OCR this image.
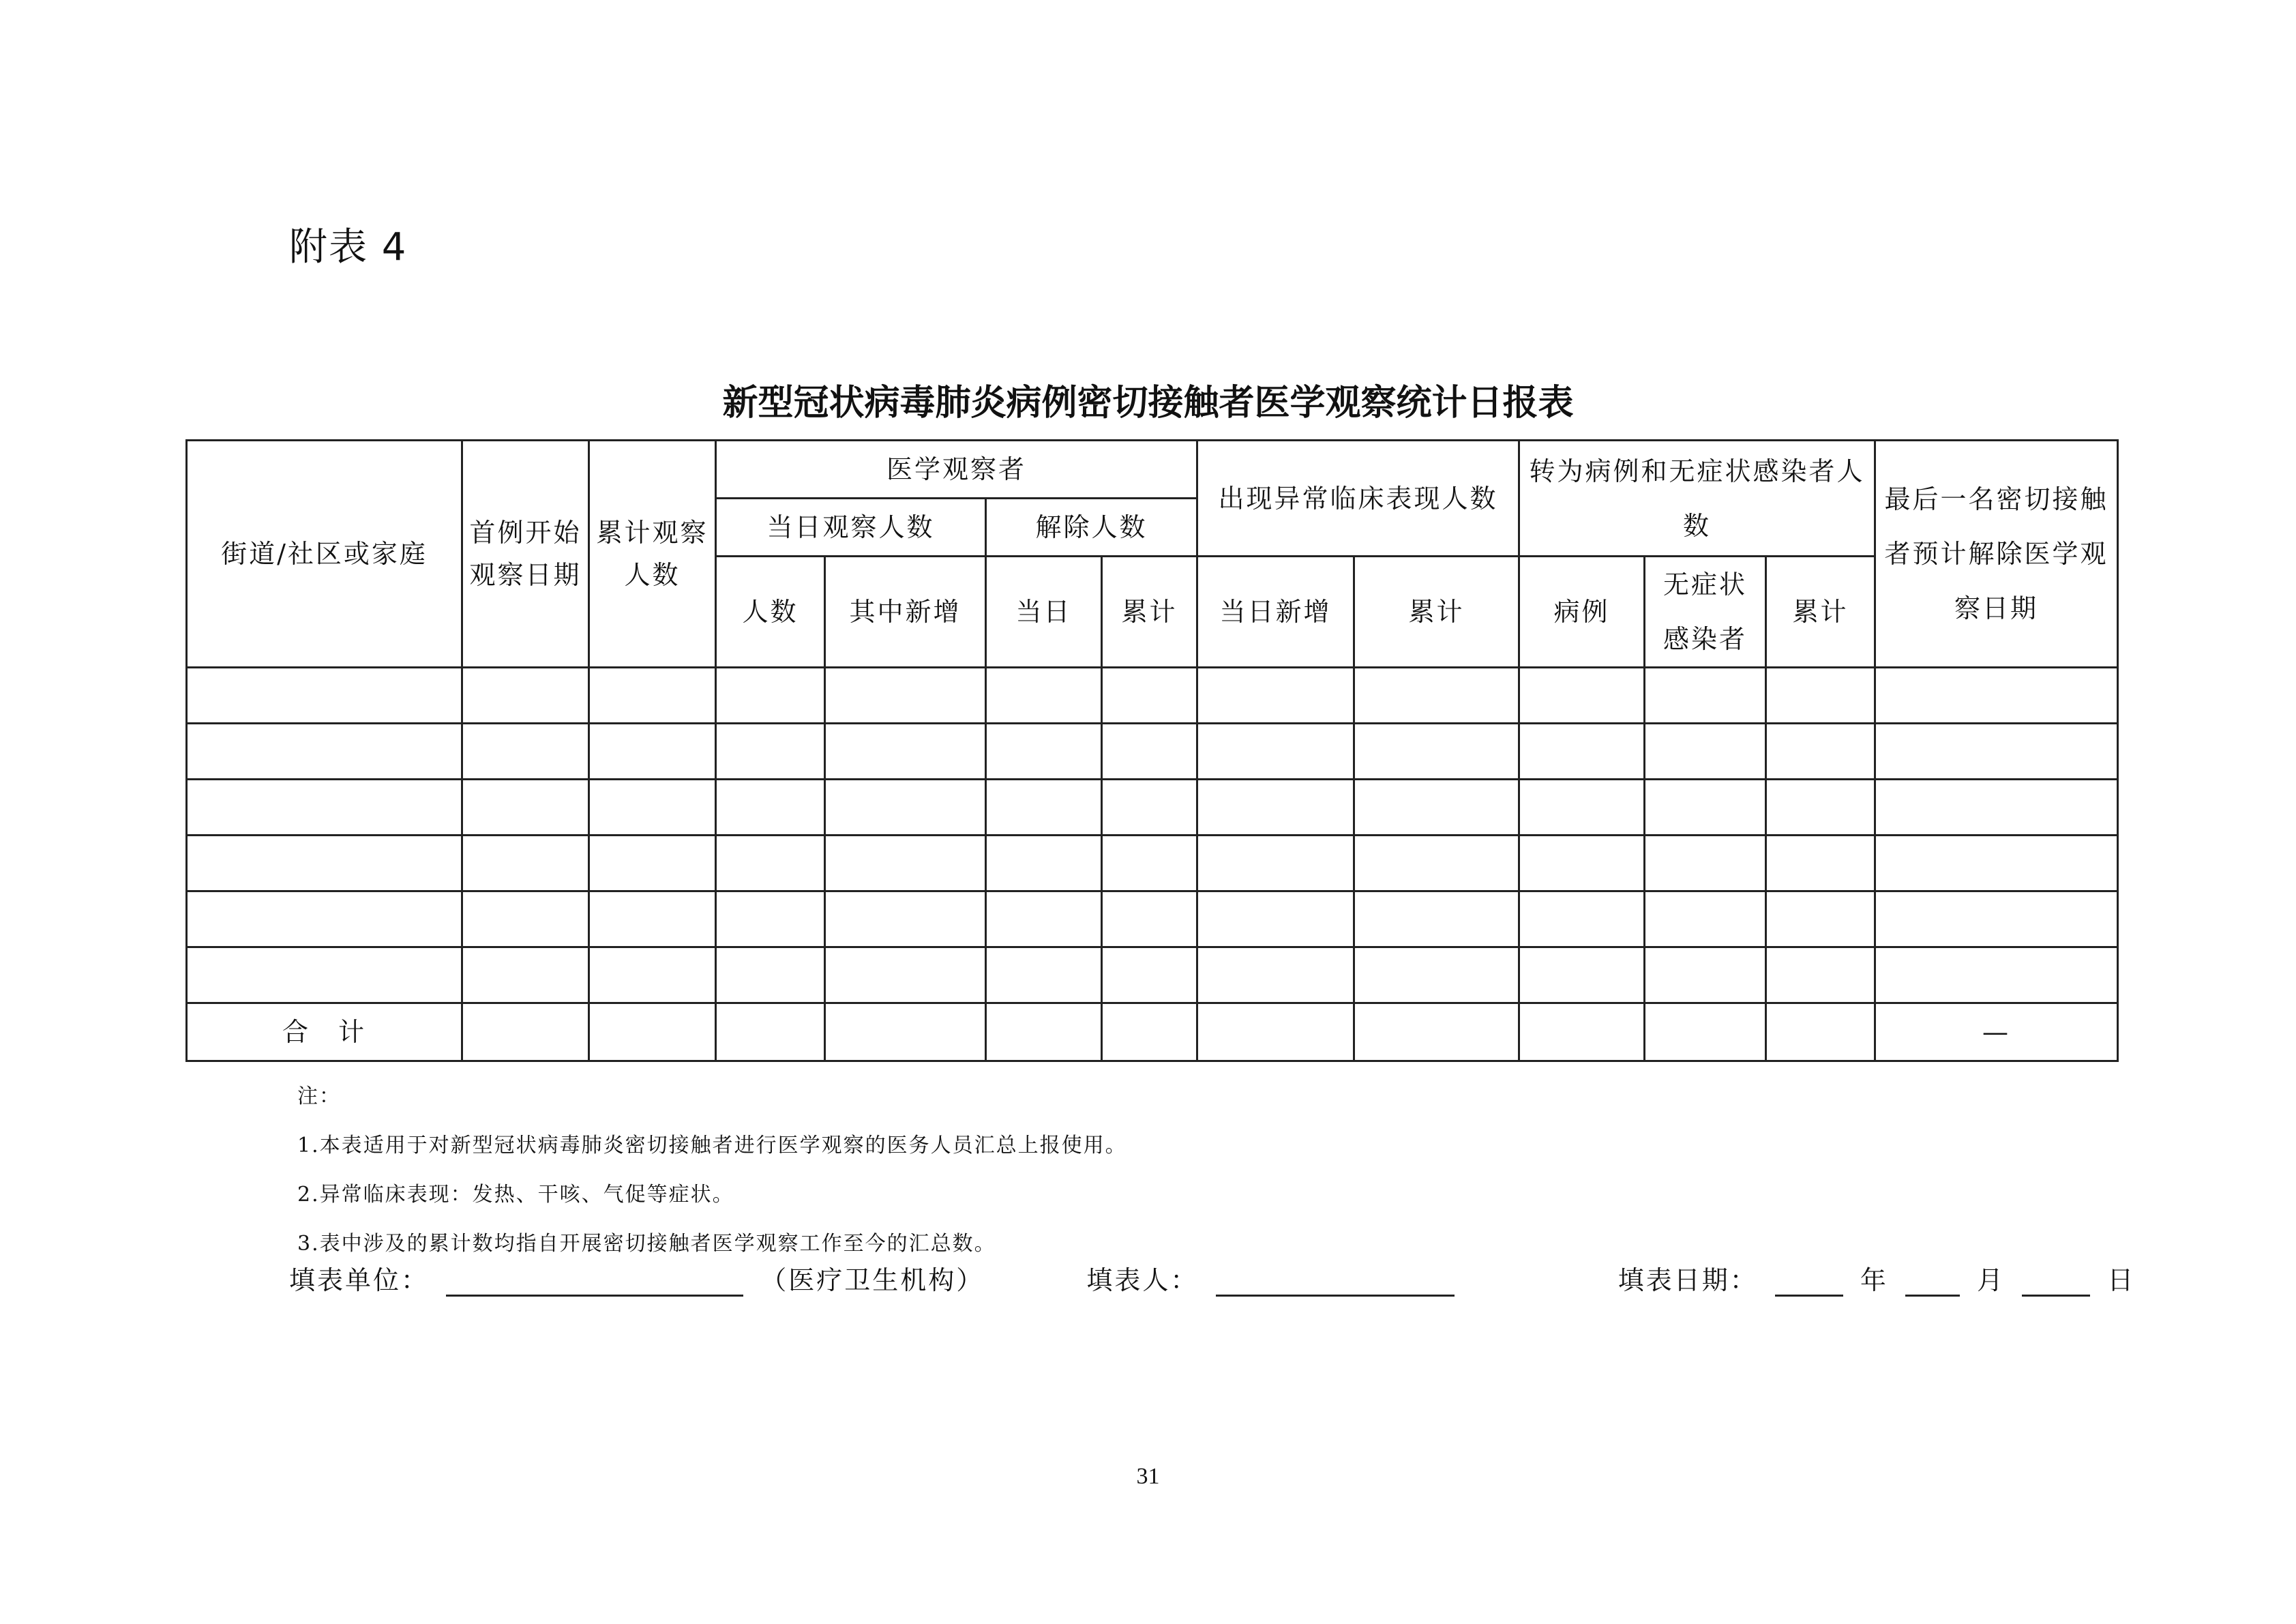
附表 4
新型冠状病毒肺炎病例密切接触者医学观察统计日报表
街道/社区或家庭	首例开始观察日期	累计观察人数	医学观察者				出现异常临床表现人数		转为病例和无症状感染者人数			最后一名密切接触者预计解除医学观察日期
			当日观察人数		解除人数							
			人数	其中新增	当日	累计	当日新增	累计	病例	无症状感染者	累计	

合　计												—
注：
1.本表适用于对新型冠状病毒肺炎密切接触者进行医学观察的医务人员汇总上报使用。
2.异常临床表现：发热、干咳、气促等症状。
3.表中涉及的累计数均指自开展密切接触者医学观察工作至今的汇总数。
填表单位：	（医疗卫生机构）	填表人：	填表日期：	年	月	日
31
